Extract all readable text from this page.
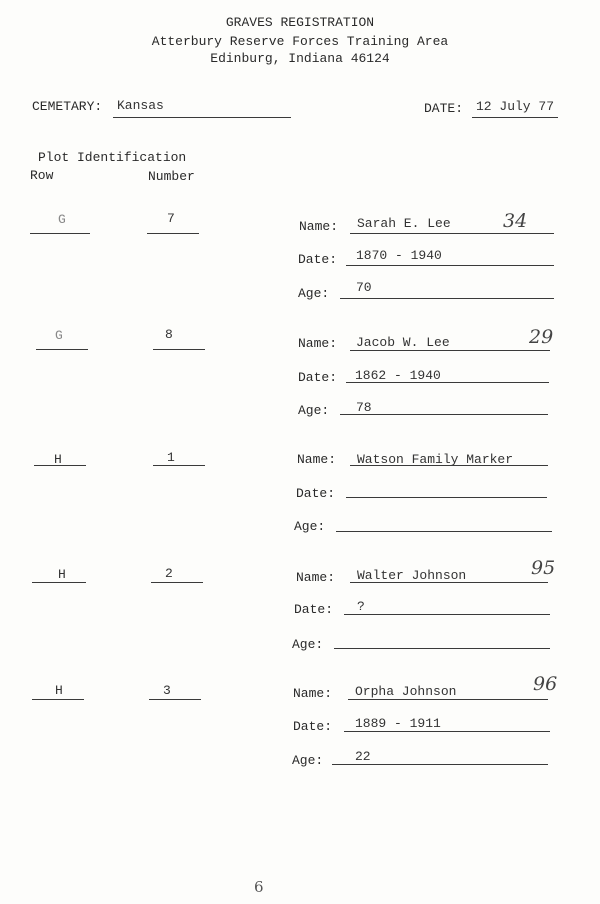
GRAVES REGISTRATION
Atterbury Reserve Forces Training Area
Edinburg, Indiana 46124
CEMETARY: Kansas	DATE: 12 July 77
Plot Identification
Row	Number
G	7
Name: Sarah E. Lee	34
Date: 1870 - 1940
Age: 70
G	8
Name: Jacob W. Lee	29
Date: 1862 - 1940
Age: 78
H	1	Name: Watson Family Marker
Date:
Age:
H	2	Name: Walter Johnson	95
Date: ?
Age:
H	3	Name: Orpha Johnson	96
Date: 1889 - 1911
Age: 22
6
